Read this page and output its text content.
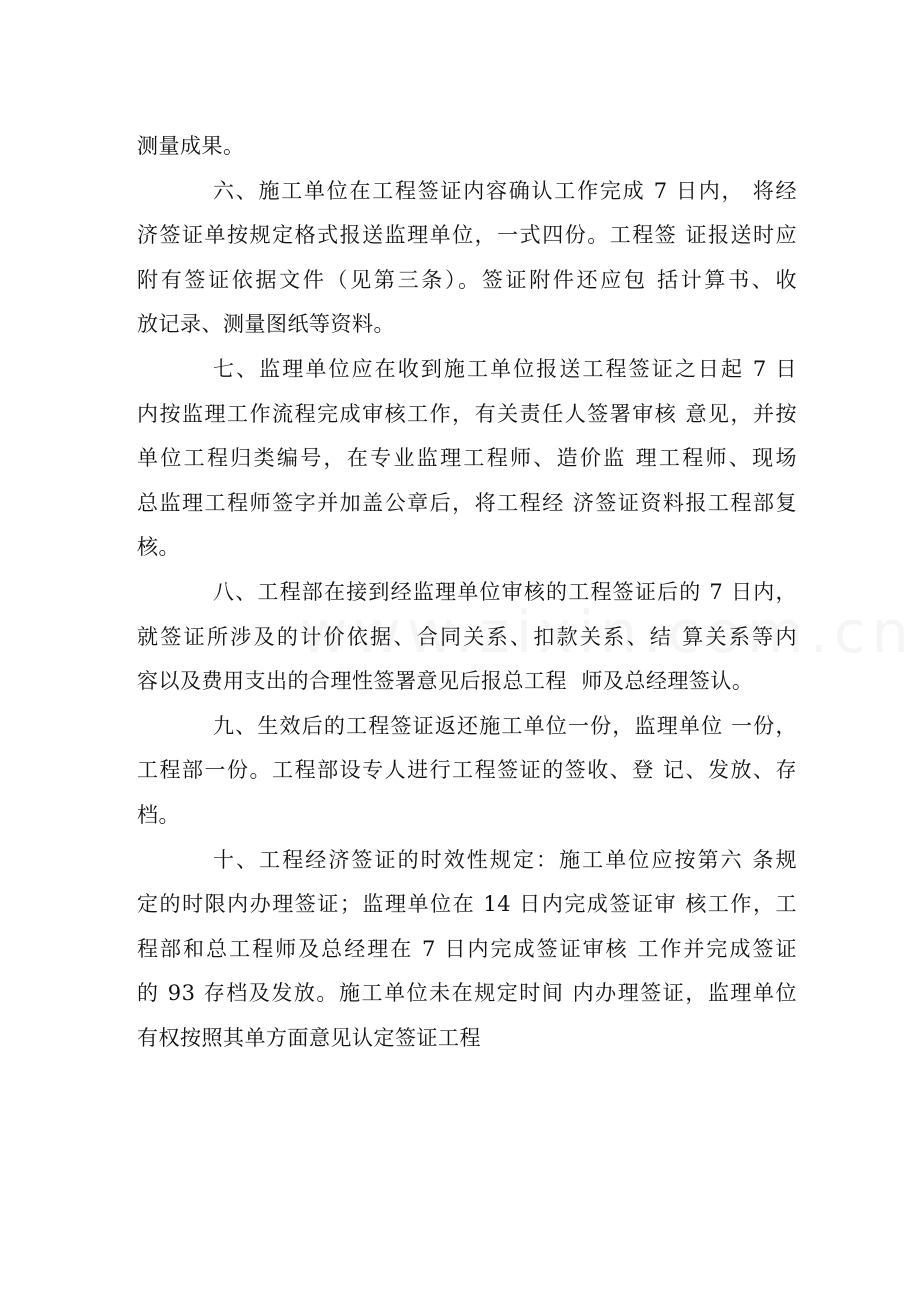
测量成果。
六、施工单位在工程签证内容确认工作完成 7 日内， 将经
济签证单按规定格式报送监理单位，一式四份。工程签 证报送时应
附有签证依据文件（见第三条）。签证附件还应包 括计算书、收
放记录、测量图纸等资料。
七、监理单位应在收到施工单位报送工程签证之日起 7 日
内按监理工作流程完成审核工作，有关责任人签署审核 意见，并按
单位工程归类编号，在专业监理工程师、造价监 理工程师、现场
总监理工程师签字并加盖公章后，将工程经 济签证资料报工程部复
核。
八、工程部在接到经监理单位审核的工程签证后的 7 日内，
就签证所涉及的计价依据、合同关系、扣款关系、结 算关系等内
容以及费用支出的合理性签署意见后报总工程  师及总经理签认。
九、生效后的工程签证返还施工单位一份，监理单位 一份，
工程部一份。工程部设专人进行工程签证的签收、登 记、发放、存
档。
十、工程经济签证的时效性规定：施工单位应按第六 条规
定的时限内办理签证；监理单位在 14 日内完成签证审 核工作，工
程部和总工程师及总经理在 7 日内完成签证审核 工作并完成签证
的 93 存档及发放。施工单位未在规定时间 内办理签证，监理单位
有权按照其单方面意见认定签证工程
